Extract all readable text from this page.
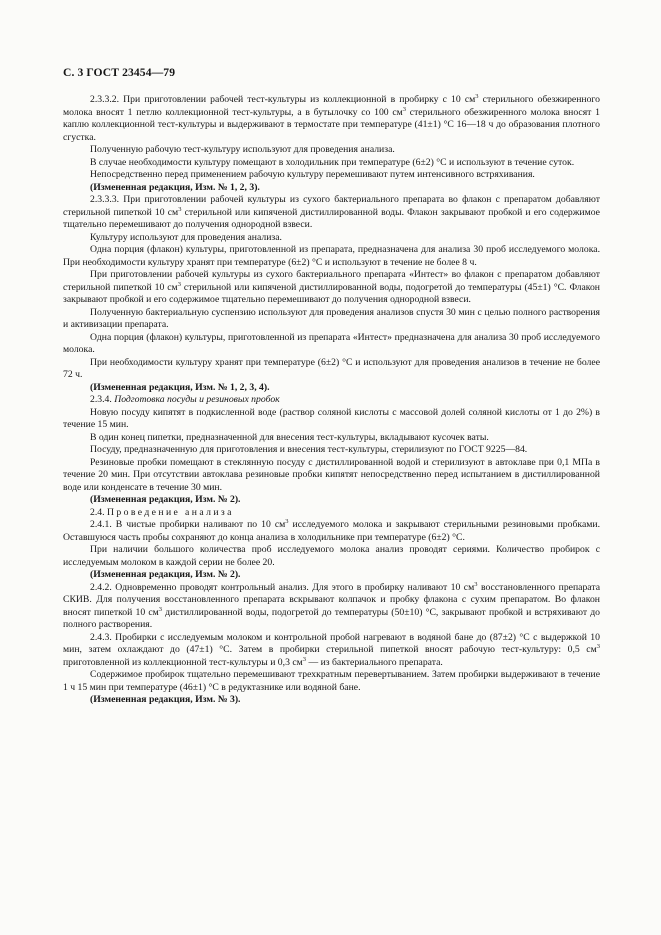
С. 3 ГОСТ 23454—79

2.3.3.2. При приготовлении рабочей тест-культуры из коллекционной в пробирку с 10 $см^3$ стерильного обезжиренного молока вносят 1 петлю коллекционной тест-культуры, а в бутылочку со 100 $см^3$ стерильного обезжиренного молока вносят 1 каплю коллекционной тест-культуры и выдерживают в термостате при температуре (41±1) °С 16—18 ч до образования плотного сгустка.

Полученную рабочую тест-культуру используют для проведения анализа.

В случае необходимости культуру помещают в холодильник при температуре (6±2) °С и используют в течение суток.

Непосредственно перед применением рабочую культуру перемешивают путем интенсивного встряхивания.

(Измененная редакция, Изм. № 1, 2, 3).

2.3.3.3. При приготовлении рабочей культуры из сухого бактериального препарата во флакон с препаратом добавляют стерильной пипеткой 10 $см^3$ стерильной или кипяченой дистиллированной воды. Флакон закрывают пробкой и его содержимое тщательно перемешивают до получения однородной взвеси.

Культуру используют для проведения анализа.

Одна порция (флакон) культуры, приготовленной из препарата, предназначена для анализа 30 проб исследуемого молока. При необходимости культуру хранят при температуре (6±2) °С и используют в течение не более 8 ч.

При приготовлении рабочей культуры из сухого бактериального препарата «Интест» во флакон с препаратом добавляют стерильной пипеткой 10 $см^3$ стерильной или кипяченой дистиллированной воды, подогретой до температуры (45±1) °С. Флакон закрывают пробкой и его содержимое тщательно перемешивают до получения однородной взвеси.

Полученную бактериальную суспензию используют для проведения анализов спустя 30 мин с целью полного растворения и активизации препарата.

Одна порция (флакон) культуры, приготовленной из препарата «Интест» предназначена для анализа 30 проб исследуемого молока.

При необходимости культуру хранят при температуре (6±2) °С и используют для проведения анализов в течение не более 72 ч.

(Измененная редакция, Изм. № 1, 2, 3, 4).

2.3.4. Подготовка посуды и резиновых пробок

Новую посуду кипятят в подкисленной воде (раствор соляной кислоты с массовой долей соляной кислоты от 1 до 2%) в течение 15 мин.

В один конец пипетки, предназначенной для внесения тест-культуры, вкладывают кусочек ваты.

Посуду, предназначенную для приготовления и внесения тест-культуры, стерилизуют по ГОСТ 9225—84.

Резиновые пробки помещают в стеклянную посуду с дистиллированной водой и стерилизуют в автоклаве при 0,1 МПа в течение 20 мин. При отсутствии автоклава резиновые пробки кипятят непосредственно перед испытанием в дистиллированной воде или конденсате в течение 30 мин.

(Измененная редакция, Изм. № 2).

2.4. Проведение анализа

2.4.1. В чистые пробирки наливают по 10 $см^3$ исследуемого молока и закрывают стерильными резиновыми пробками. Оставшуюся часть пробы сохраняют до конца анализа в холодильнике при температуре (6±2) °С.

При наличии большого количества проб исследуемого молока анализ проводят сериями. Количество пробирок с исследуемым молоком в каждой серии не более 20.

(Измененная редакция, Изм. № 2).

2.4.2. Одновременно проводят контрольный анализ. Для этого в пробирку наливают 10 $см^3$ восстановленного препарата СКИВ. Для получения восстановленного препарата вскрывают колпачок и пробку флакона с сухим препаратом. Во флакон вносят пипеткой 10 $см^3$ дистиллированной воды, подогретой до температуры (50±10) °С, закрывают пробкой и встряхивают до полного растворения.

2.4.3. Пробирки с исследуемым молоком и контрольной пробой нагревают в водяной бане до (87±2) °С с выдержкой 10 мин, затем охлаждают до (47±1) °С. Затем в пробирки стерильной пипеткой вносят рабочую тест-культуру: 0,5 $см^3$ приготовленной из коллекционной тест-культуры и 0,3 $см^3$ — из бактериального препарата.

Содержимое пробирок тщательно перемешивают трехкратным перевертыванием. Затем пробирки выдерживают в течение 1 ч 15 мин при температуре (46±1) °С в редуктазнике или водяной бане.

(Измененная редакция, Изм. № 3).
